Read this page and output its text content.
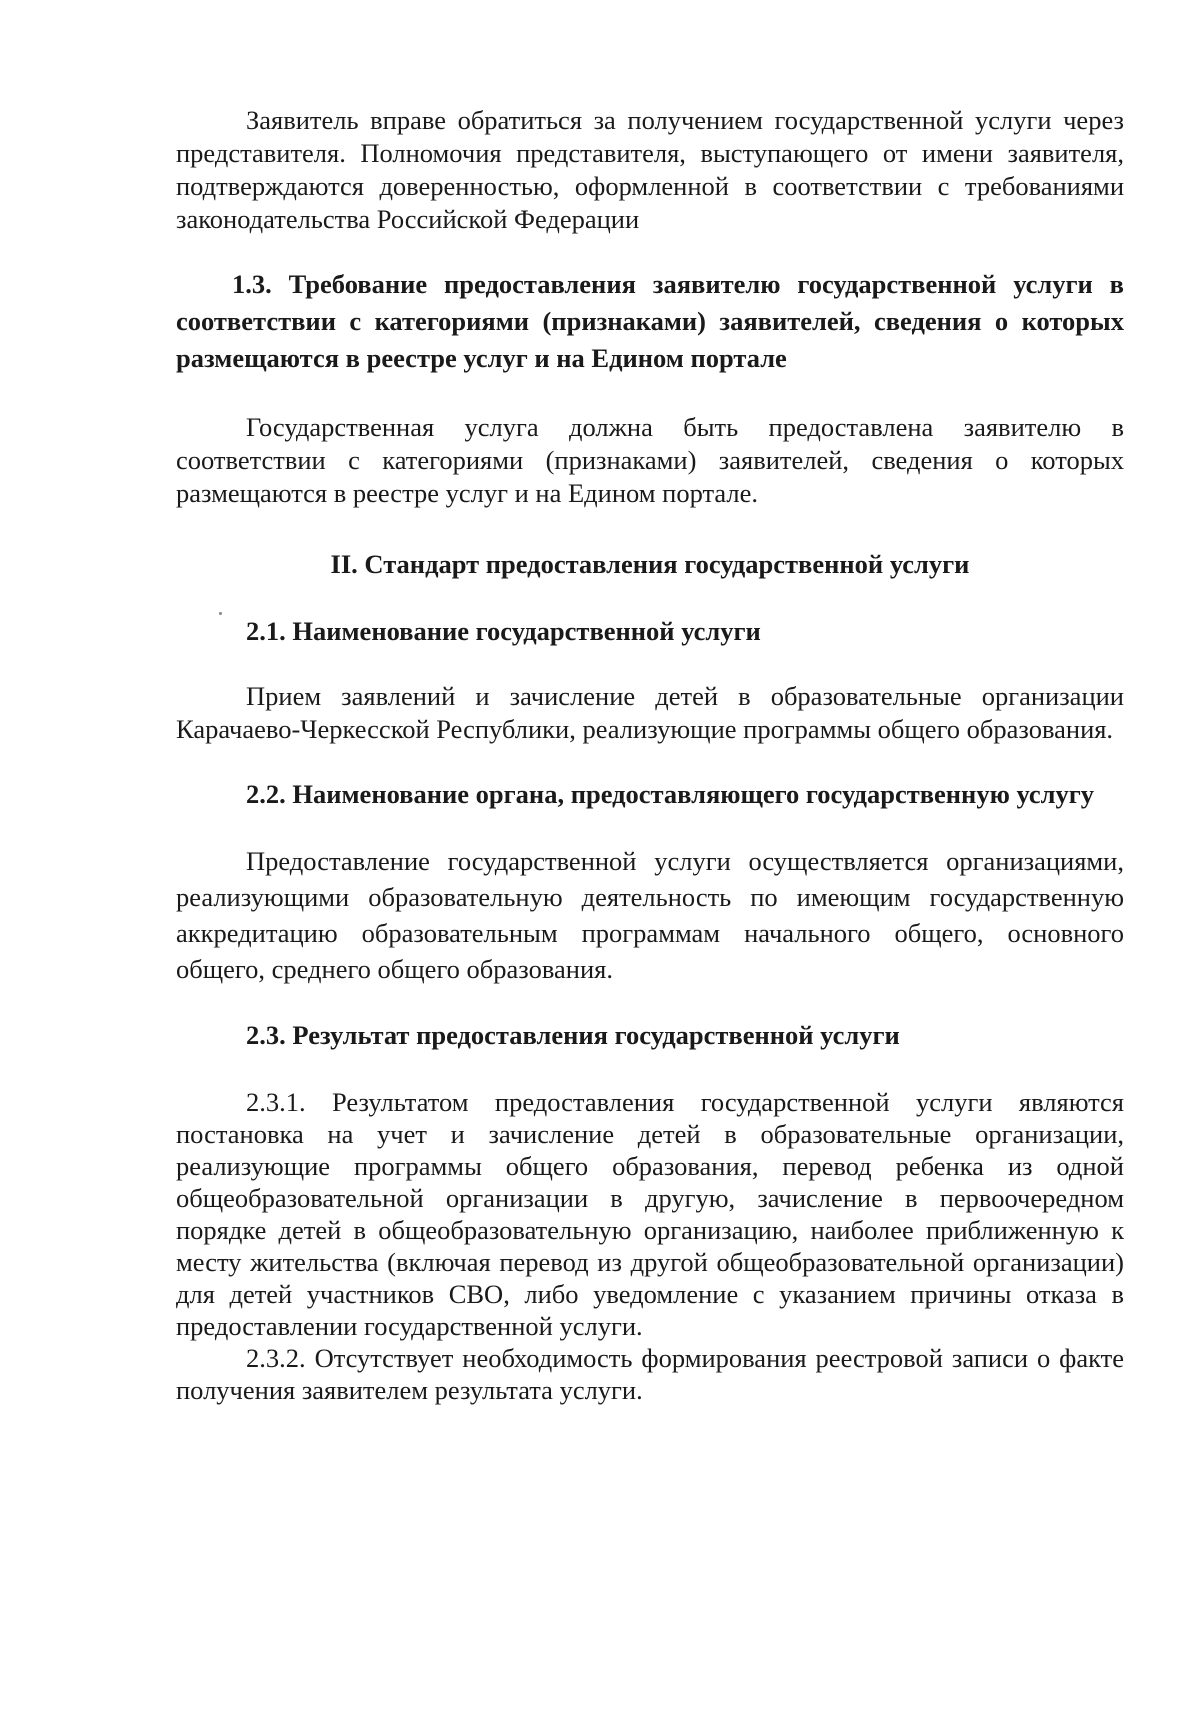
Заявитель вправе обратиться за получением государственной услуги через представителя. Полномочия представителя, выступающего от имени заявителя, подтверждаются доверенностью, оформленной в соответствии с требованиями законодательства Российской Федерации

1.3. Требование предоставления заявителю государственной услуги в соответствии с категориями (признаками) заявителей, сведения о которых размещаются в реестре услуг и на Едином портале

Государственная услуга должна быть предоставлена заявителю в соответствии с категориями (признаками) заявителей, сведения о которых размещаются в реестре услуг и на Едином портале.

II. Стандарт предоставления государственной услуги
2.1. Наименование государственной услуги

Прием заявлений и зачисление детей в образовательные организации Карачаево-Черкесской Республики, реализующие программы общего образования.

2.2. Наименование органа, предоставляющего государственную услугу

Предоставление государственной услуги осуществляется организациями, реализующими образовательную деятельность по имеющим государственную аккредитацию образовательным программам начального общего, основного общего, среднего общего образования.

2.3. Результат предоставления государственной услуги

2.3.1. Результатом предоставления государственной услуги являются постановка на учет и зачисление детей в образовательные организации, реализующие программы общего образования, перевод ребенка из одной общеобразовательной организации в другую, зачисление в первоочередном порядке детей в общеобразовательную организацию, наиболее приближенную к месту жительства (включая перевод из другой общеобразовательной организации) для детей участников СВО, либо уведомление с указанием причины отказа в предоставлении государственной услуги.

2.3.2. Отсутствует необходимость формирования реестровой записи о факте получения заявителем результата услуги.
